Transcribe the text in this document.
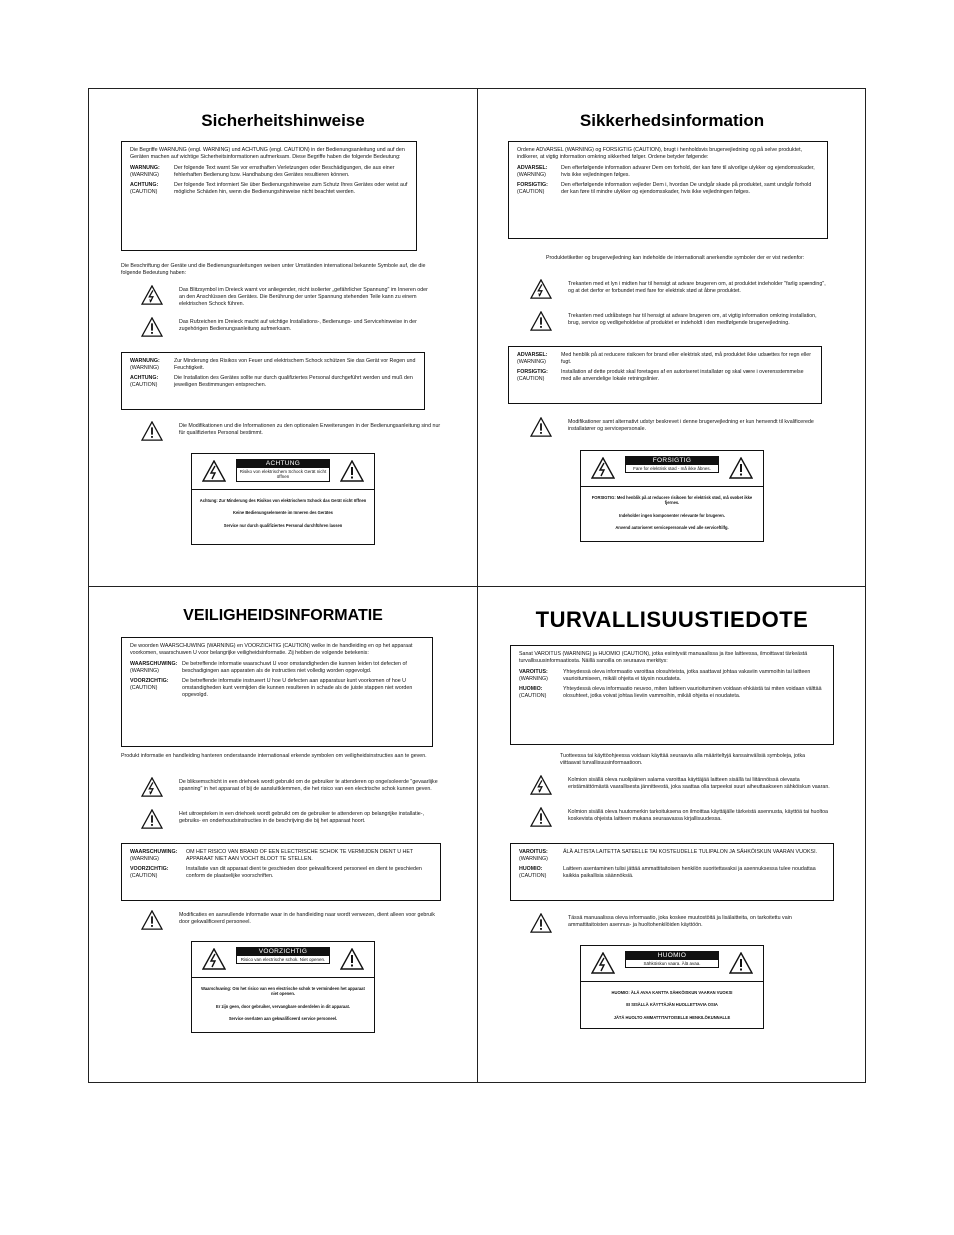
Sicherheitshinweise
Die Begriffe WARNUNG (engl. WARNING) und ACHTUNG (engl. CAUTION) in der Bedienungsanleitung und auf den Geräten machen auf wichtige Sicherheitsinformationen aufmerksam. Diese Begriffe haben die folgende Bedeutung:
WARNUNG:
(WARNING)
Der folgende Text warnt Sie vor ernsthaften Verletzungen oder Beschädigungen, die aus einer fehlerhaften Bedienung bzw. Handhabung des Gerätes resultieren können.
ACHTUNG:
(CAUTION)
Der folgende Text informiert Sie über Bedienungshinweise zum Schutz Ihres Gerätes oder weist auf mögliche Schäden hin, wenn die Bedienungshinweise nicht beachtet werden.
Die Beschriftung der Geräte und die Bedienungsanleitungen weisen unter Umständen international bekannte Symbole auf, die die folgende Bedeutung haben:
Das Blitzsymbol im Dreieck warnt vor anliegender, nicht isolierter „gefährlicher Spannung" im Inneren oder an den Anschlüssen des Gerätes. Die Berührung der unter Spannung stehenden Teile kann zu einem elektrischen Schock führen.
Das Rufzeichen im Dreieck macht auf wichtige Installations-, Bedienungs- und Servicehinweise in der zugehörigen Bedienungsanleitung aufmerksam.
WARNUNG:
(WARNING)
Zur Minderung des Risikos von Feuer und elektrischem Schock schützen Sie das Gerät vor Regen und Feuchtigkeit.
ACHTUNG:
(CAUTION)
Die Installation des Gerätes sollte nur durch qualifiziertes Personal durchgeführt werden und muß den jeweiligen Bestimmungen entsprechen.
Die Modifikationen und die Informationen zu den optionalen Erweiterungen in der Bedienungsanleitung sind nur für qualifiziertes Personal bestimmt.
ACHTUNG
Risiko von elektrischem Schock Gerät nicht öffnen
Achtung: Zur Minderung des Risikos von elektrischem Schock das Gerät nicht öffnen
Keine Bedienungselemente im Inneren des Gerätes
Service nur durch qualifiziertes Personal durchführen lassen
Sikkerhedsinformation
Ordene ADVARSEL (WARNING) og FORSIGTIG (CAUTION), brugt i henholdsvis brugervejledning og på selve produktet, indikerer, at vigtig information omkring sikkerhed følger. Ordene betyder følgende:
ADVARSEL:
(WARNING)
Den efterfølgende information advarer Dem om forhold, der kan føre til alvorlige ulykker og ejendomsskader, hvis ikke vejledningen følges.
FORSIGTIG:
(CAUTION)
Den efterfølgende information vejleder Dem i, hvordan De undgår skade på produktet, samt undgår forhold der kan føre til mindre ulykker og ejendomsskader, hvis ikke vejledningen følges.
Produktetiketter og brugervejledning kan indeholde de internationalt anerkendte symboler der er vist nedenfor:
Trekanten med et lyn i midten har til hensigt at advare brugeren om, at produktet indeholder "farlig spænding", og at det derfor er forbundet med fare for elektrisk stød at åbne produktet.
Trekanten med udråbstegn har til hensigt at advare brugeren om, at vigtig information omkring installation, brug, service og vedligeholdelse af produktet er indeholdt i den medfølgende brugervejledning.
ADVARSEL:
(WARNING)
Med henblik på at reducere risikoen for brand eller elektrisk stød, må produktet ikke udsættes for regn eller fugt.
FORSIGTIG:
(CAUTION)
Installation af dette produkt skal foretages af en autoriseret installatør og skal være i overensstemmelse med alle anvendelige lokale retningslinier.
Modifikationer samt alternativt udstyr beskrevet i denne brugervejledning er kun henvendt til kvalificerede installatører og servicepersonale.
FORSIGTIG
Fare for elektrisk stød - må ikke åbnes.
FORSIGTIG: Med henblik på at reducere risikoen for elektrisk stød, må svøbet ikke fjernes.
Indeholder ingen komponenter relevante for brugeren.
Anvend autoriseret servicepersonale ved alle serviceftilfg.
VEILIGHEIDSINFORMATIE
De woorden WAARSCHUWING (WARNING) en VOORZICHTIG (CAUTION) welke in de handleiding en op het apparaat voorkomen, waarschuwen U voor belangrijke veiligheidsinformatie. Zij hebben de volgende betekenis:
WAARSCHUWING:
(WARNING)
De betreffende informatie waarschuwt U voor omstandigheden die kunnen leiden tot defecten of beschadigingen aan apparaten als de instructies niet volledig worden opgevolgd.
VOORZICHTIG:
(CAUTION)
De betreffende informatie instrueert U hoe U defecten aan apparatuur kunt voorkomen of hoe U omstandigheden kunt vermijden die kunnen resulteren in schade als de juiste stappen niet worden opgevolgd.
Produkt informatie en handleiding hanteren onderstaande internationaal erkende symbolen om veiligheidsinstructies aan te geven.
De bliksemschicht in een driehoek wordt gebruikt om de gebruiker te attenderen op ongeïsoleerde "gevaarlijke spanning" in het apparaat of bij de aansluitklemmen, die het risico van een electrische schok kunnen geven.
Het uitroepteken in een driehoek wordt gebruikt om de gebruiker te attenderen op belangrijke installatie-, gebruiks- en onderhoudsinstructies in de beschrijving die bij het apparaat hoort.
WAARSCHUWING:
(WARNING)
OM HET RISICO VAN BRAND OF EEN ELECTRISCHE SCHOK TE VERMIJDEN DIENT U HET APPARAAT NIET AAN VOCHT BLOOT TE STELLEN.
VOORZICHTIG:
(CAUTION)
Installatie van dit apparaat dient te geschieden door gekwalificeerd personeel en dient te geschieden conform de plaatselijke voorschriften.
Modificaties en aanvullende informatie waar in de handleiding naar wordt verwezen, dient alleen voor gebruik door gekwalificeerd personeel.
VOORZICHTIG
Risico van electrische schok. Niet openen.
Waarschuwing: Om het risico van een electrische schok te vermindeen het apparaat niet openen.
Er zijn geen, door gebruiker, vervangbare onderdelen in dit apparaat.
Service overlaten aan gekwalificeerd service personeel.
TURVALLISUUSTIEDOTE
Sanat VAROITUS (WARNING) ja HUOMIO (CAUTION), jotka esiintyvät manuaalissa ja itse laitteessa, ilmoittavat tärkeästä turvallisuusinformaatiosta. Näillä sanoilla on seuraava merkitys:
VAROITUS:
(WARNING)
Yhteydessä oleva informaatio varoittaa olosuhteista, jotka saattavat johtaa vakaviin vammoihin tai laitteen vaurioitumiseen, mikäli ohjeita ei täysin noudateta.
HUOMIO:
(CAUTION)
Yhteydessä oleva informaatio neuvoo, miten laitteen vaurioituminen voidaan ehkäistä tai miten voidaan välttää olosuhteet, jotka voivat johtaa lieviin vammoihin, mikäli ohjeita ei noudateta.
Tuotteessa tai käyttöohjeessa voidaan käyttää seuraavia alla määriteltyjä kansainvälisiä symboleja, jotka viittaavat turvallisuusinformaatioon.
Kolmion sisällä oleva nuolipäinen salama varoittaa käyttäjää laitteen sisällä tai liitännöissä olevasta eristämättömästä vaarallisesta jännitteestä, joka saattaa olla tarpeeksi suuri aiheuttaakseen sähköiskun vaaran.
Kolmion sisällä oleva huutomerkin tarkoituksena on ilmoittaa käyttäjälle tärkeistä asennusta, käyttöä tai huoltoa koskevista ohjeista laitteen mukana seuraavassa kirjallisuudessa.
VAROITUS:
(WARNING)
ÄLÄ ALTISTA LAITETTA SATEELLE TAI KOSTEUDELLE TULIPALON JA SÄHKÖISKUN VAARAN VUOKSI.
HUOMIO:
(CAUTION)
Laitteen asentaminen tulisi jättää ammattitaitoisen henkilön suoritettavaksi ja asennuksessa tulee noudattaa kaikkia paikallisia säännöksiä.
Tässä manuaalissa oleva informaatio, joka koskee muutostöitä ja lisälaitteita, on tarkoitettu vain ammattitaitoisten asennus- ja huoltohenkilöiden käyttöön.
HUOMIO
Sähköiskun vaara. Älä avaa.
HUOMIO: ÄLÄ AVAA KANTTA SÄHKÖISKUN VAARAN VUOKSI
EI SISÄLLÄ KÄYTTÄJÄN HUOLLETTAVIA OSIA
JÄTÄ HUOLTO AMMATTITAITOISELLE HENKILÖKUNNALLE
